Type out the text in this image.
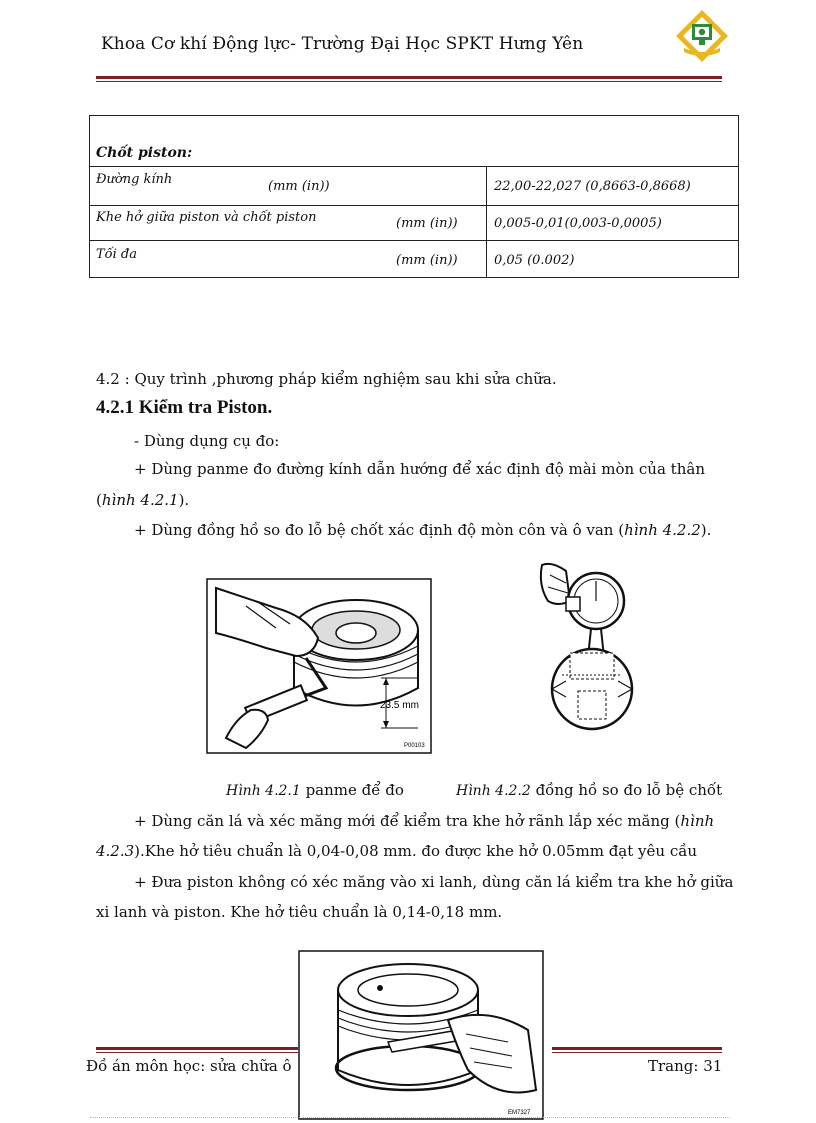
Khoa Cơ khí Động lực- Trường Đại Học SPKT Hưng Yên
Chốt piston:
Đường kính	(mm (in))	22,00-22,027 (0,8663-0,8668)
Khe hở giữa piston và chốt piston	(mm (in))	0,005-0,01(0,003-0,0005)
Tối đa	(mm (in))	0,05 (0.002)
4.2 : Quy trình ,phương pháp kiểm nghiệm sau khi sửa chữa.
4.2.1 Kiểm tra Piston.
- Dùng dụng cụ đo:
+ Dùng panme đo đường kính dẫn hướng để xác định độ mài mòn của thân
(hình 4.2.1).
+ Dùng đồng hồ so đo lỗ bệ chốt xác định độ mòn côn và ô van (hình 4.2.2).
23.5 mm
P00103
Hình 4.2.1 panme để đo	Hình 4.2.2 đồng hồ so đo lỗ bệ chốt
+ Dùng căn lá và xéc măng mới để kiểm tra khe hở rãnh lắp xéc măng (hình
4.2.3).Khe hở tiêu chuẩn là 0,04-0,08 mm. đo được khe hở 0.05mm đạt yêu cầu
+ Đưa piston không có xéc măng vào xi lanh, dùng căn lá kiểm tra khe hở giữa
xi lanh và piston. Khe hở tiêu chuẩn là 0,14-0,18 mm.
EM7327
Đồ án môn học: sửa chữa ô	Trang: 31
